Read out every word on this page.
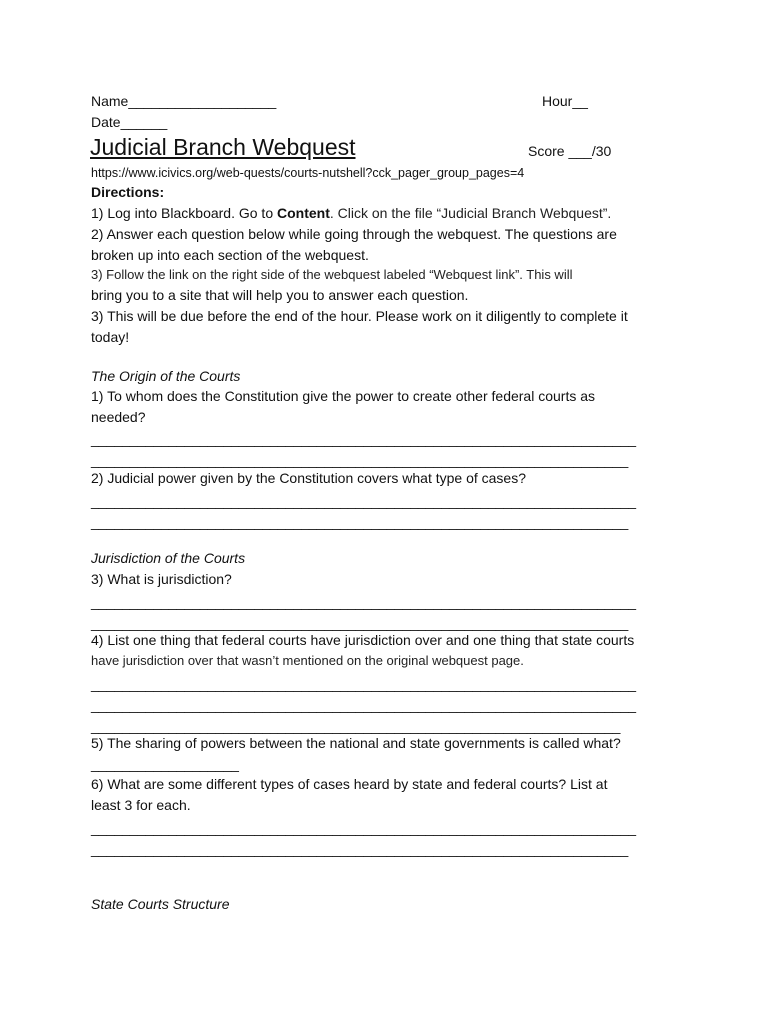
Name___________________	Hour__
Date______
Judicial Branch Webquest	Score ___/30
https://www.icivics.org/web-quests/courts-nutshell?cck_pager_group_pages=4
Directions:
1) Log into Blackboard. Go to Content. Click on the file “Judicial Branch Webquest”.
2) Answer each question below while going through the webquest. The questions are
broken up into each section of the webquest.
3) Follow the link on the right side of the webquest labeled “Webquest link”. This will
bring you to a site that will help you to answer each question.
3) This will be due before the end of the hour. Please work on it diligently to complete it
today!
The Origin of the Courts
1) To whom does the Constitution give the power to create other federal courts as
needed?
______________________________________________________________________
_____________________________________________________________________
2) Judicial power given by the Constitution covers what type of cases?
______________________________________________________________________
_____________________________________________________________________
Jurisdiction of the Courts
3) What is jurisdiction?
______________________________________________________________________
_____________________________________________________________________
4) List one thing that federal courts have jurisdiction over and one thing that state courts
have jurisdiction over that wasn’t mentioned on the original webquest page.
______________________________________________________________________
______________________________________________________________________
____________________________________________________________________
5) The sharing of powers between the national and state governments is called what?
___________________
6) What are some different types of cases heard by state and federal courts? List at
least 3 for each.
______________________________________________________________________
_____________________________________________________________________
State Courts Structure
